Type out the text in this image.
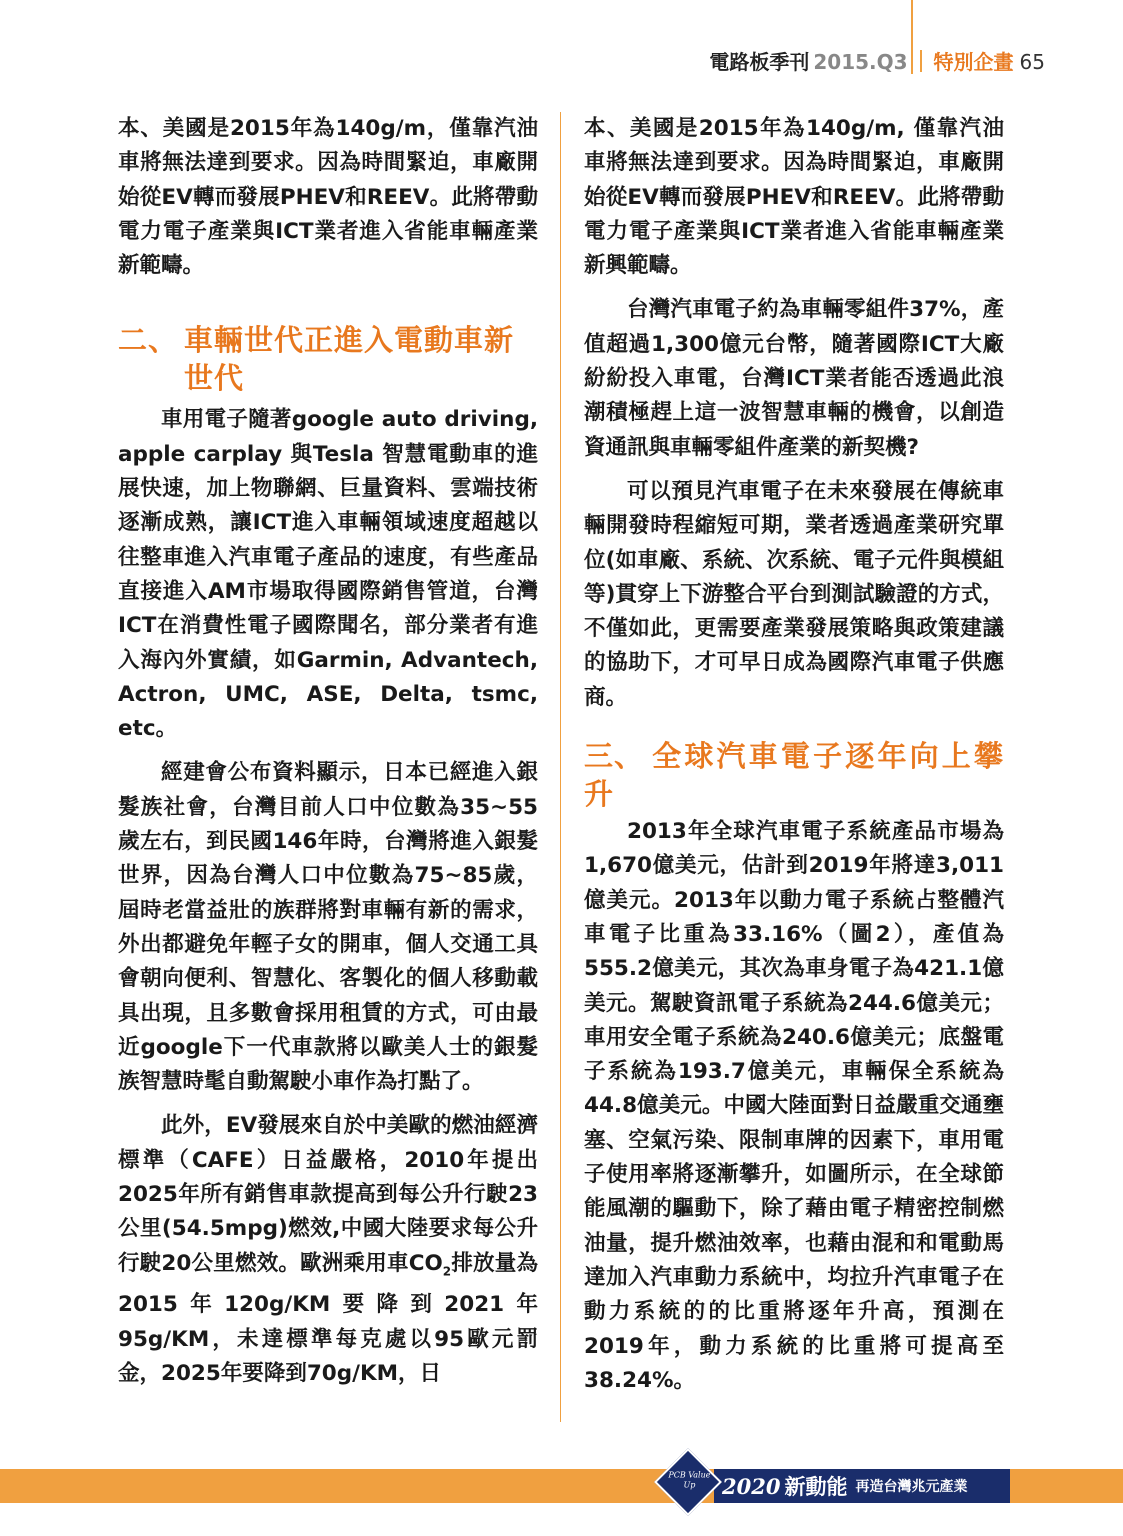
電路板季刊 2015.Q3 特別企畫 65

本、美國是2015年為140g/m，僅靠汽油車將無法達到要求。因為時間緊迫，車廠開始從EV轉而發展PHEV和REEV。此將帶動電力電子產業與ICT業者進入省能車輛產業新範疇。

二、 車輛世代正進入電動車新
世代

車用電子隨著google auto driving, apple carplay 與Tesla 智慧電動車的進展快速，加上物聯網、巨量資料、雲端技術逐漸成熟，讓ICT進入車輛領域速度超越以往整車進入汽車電子產品的速度，有些產品直接進入AM市場取得國際銷售管道，台灣ICT在消費性電子國際聞名，部分業者有進入海內外實績，如Garmin, Advantech, Actron, UMC, ASE, Delta, tsmc, etc。

經建會公布資料顯示，日本已經進入銀髮族社會，台灣目前人口中位數為35~55歲左右，到民國146年時，台灣將進入銀髮世界，因為台灣人口中位數為75~85歲，屆時老當益壯的族群將對車輛有新的需求，外出都避免年輕子女的開車，個人交通工具會朝向便利、智慧化、客製化的個人移動載具出現，且多數會採用租賃的方式，可由最近google下一代車款將以歐美人士的銀髮族智慧時髦自動駕駛小車作為打點了。

此外，EV發展來自於中美歐的燃油經濟標準（CAFE）日益嚴格，2010年提出2025年所有銷售車款提高到每公升行駛23公里(54.5mpg)燃效,中國大陸要求每公升行駛20公里燃效。歐洲乘用車$CO_2$排放量為2015年120g/KM要降到2021年95g/KM，未達標準每克處以95歐元罰金，2025年要降到70g/KM，日

本、美國是2015年為140g/m, 僅靠汽油車將無法達到要求。因為時間緊迫，車廠開始從EV轉而發展PHEV和REEV。此將帶動電力電子產業與ICT業者進入省能車輛產業新興範疇。

台灣汽車電子約為車輛零組件37%，產值超過1,300億元台幣，隨著國際ICT大廠紛紛投入車電，台灣ICT業者能否透過此浪潮積極趕上這一波智慧車輛的機會，以創造資通訊與車輛零組件產業的新契機?

可以預見汽車電子在未來發展在傳統車輛開發時程縮短可期，業者透過產業研究單位(如車廠、系統、次系統、電子元件與模組等)貫穿上下游整合平台到測試驗證的方式，不僅如此，更需要產業發展策略與政策建議的協助下，才可早日成為國際汽車電子供應商。

三、 全球汽車電子逐年向上攀升

2013年全球汽車電子系統產品市場為1,670億美元，估計到2019年將達3,011億美元。2013年以動力電子系統占整體汽車電子比重為33.16%（圖2），產值為555.2億美元，其次為車身電子為421.1億美元。駕駛資訊電子系統為244.6億美元；車用安全電子系統為240.6億美元；底盤電子系統為193.7億美元，車輛保全系統為44.8億美元。中國大陸面對日益嚴重交通壅塞、空氣污染、限制車牌的因素下，車用電子使用率將逐漸攀升，如圖所示，在全球節能風潮的驅動下，除了藉由電子精密控制燃油量，提升燃油效率，也藉由混和和電動馬達加入汽車動力系統中，均拉升汽車電子在動力系統的的比重將逐年升高，預測在2019年，動力系統的比重將可提高至38.24%。

2020 新動能 再造台灣兆元產業
PCB Value Up
